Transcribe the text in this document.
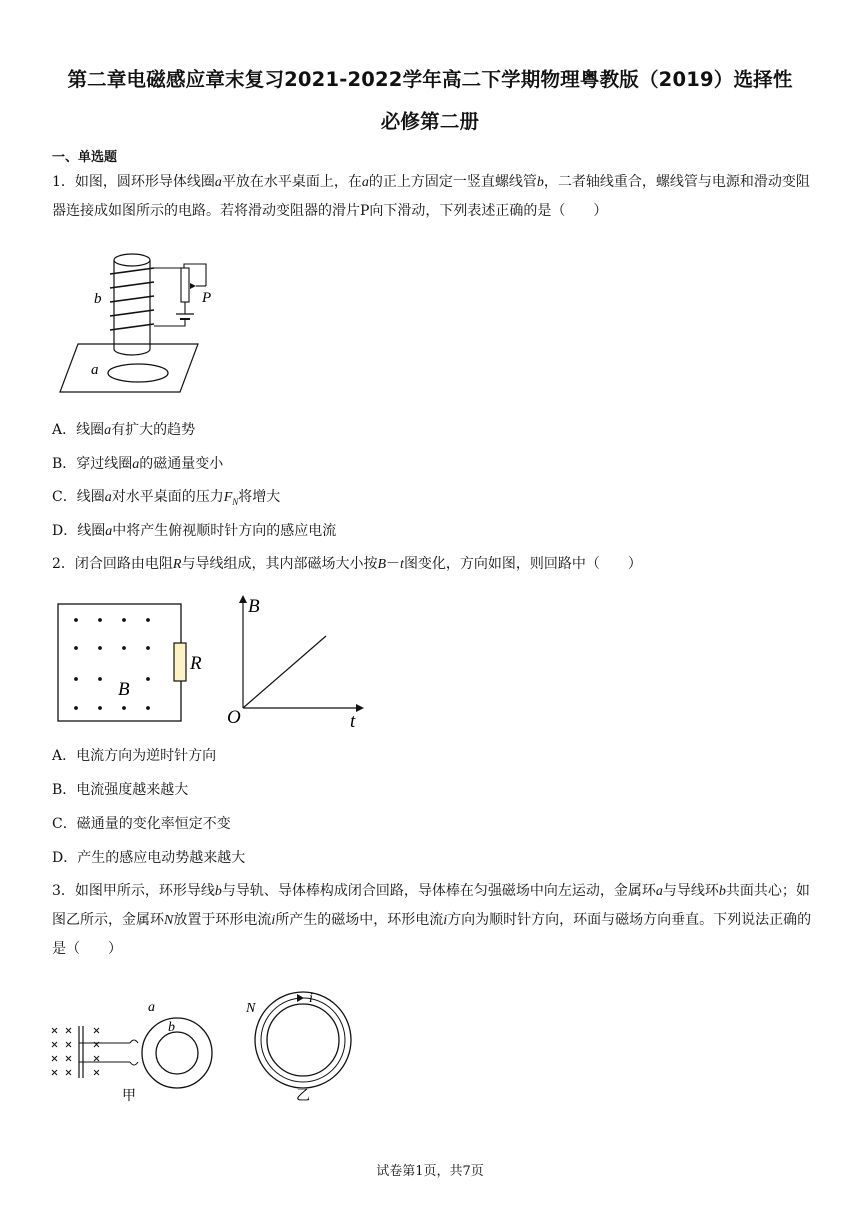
第二章电磁感应章末复习2021-2022学年高二下学期物理粤教版（2019）选择性
必修第二册
一、单选题
1．如图，圆环形导体线圈a平放在水平桌面上，在a的正上方固定一竖直螺线管b，二者轴线重合，螺线管与电源和滑动变阻器连接成如图所示的电路。若将滑动变阻器的滑片P向下滑动，下列表述正确的是（　　）
b	P
a
A．线圈a有扩大的趋势
B．穿过线圈a的磁通量变小
C．线圈a对水平桌面的压力$F_N$将增大
D．线圈a中将产生俯视顺时针方向的感应电流
2．闭合回路由电阻R与导线组成，其内部磁场大小按B－t图变化，方向如图，则回路中（　　）
R
B
B
O	t
A．电流方向为逆时针方向
B．电流强度越来越大
C．磁通量的变化率恒定不变
D．产生的感应电动势越来越大
3．如图甲所示，环形导线b与导轨、导体棒构成闭合回路，导体棒在匀强磁场中向左运动，金属环a与导线环b共面共心；如图乙所示，金属环N放置于环形电流i所产生的磁场中，环形电流i方向为顺时针方向，环面与磁场方向垂直。下列说法正确的是（　　）
a
b
甲
N
i
乙
试卷第1页，共7页
